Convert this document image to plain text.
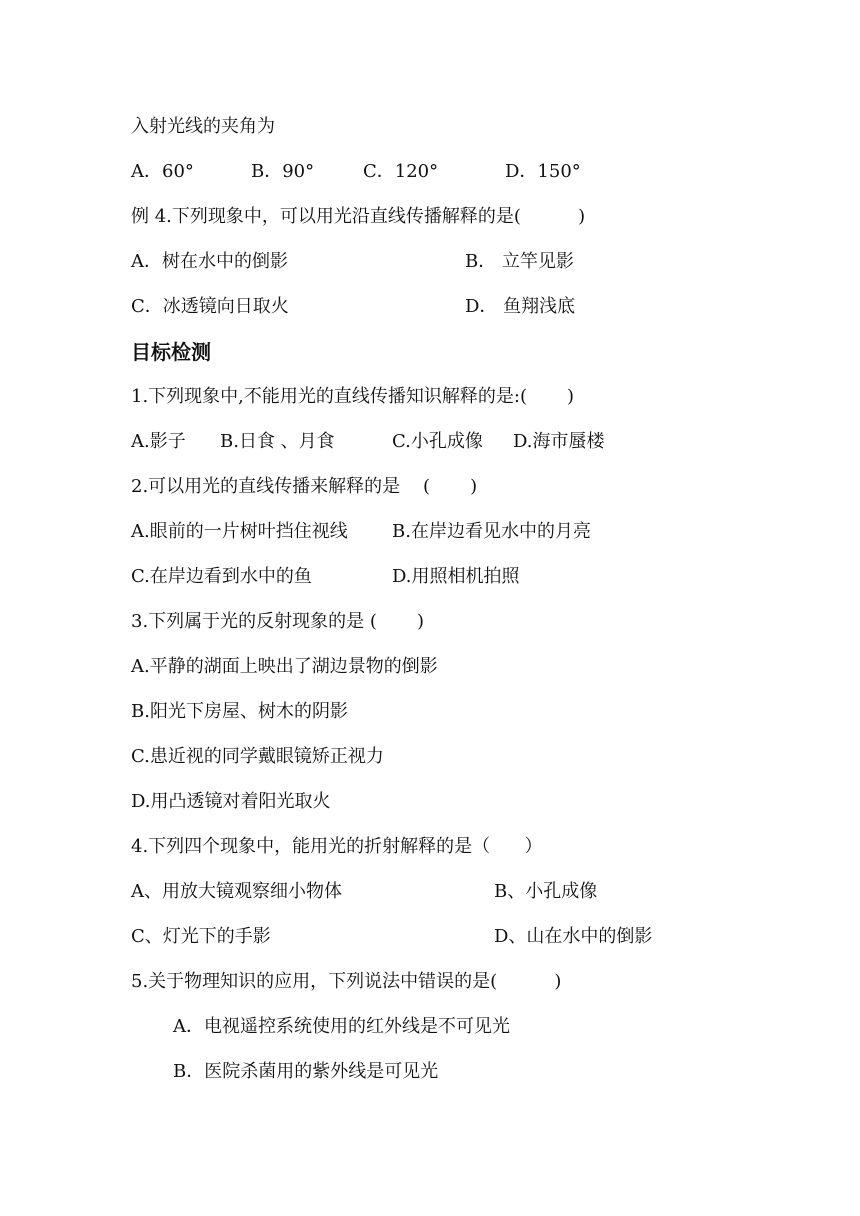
入射光线的夹角为
A．60°	B．90°	C．120°	D．150°
例 4.下列现象中，可以用光沿直线传播解释的是(          )
A．树在水中的倒影	B． 立竿见影
C．冰透镜向日取火	D． 鱼翔浅底
目标检测
1.下列现象中,不能用光的直线传播知识解释的是:(       )
A.影子 B.日食 、月食	C.小孔成像 D.海市蜃楼
2.可以用光的直线传播来解释的是    (       )
A.眼前的一片树叶挡住视线 B.在岸边看见水中的月亮
C.在岸边看到水中的鱼	D.用照相机拍照
3.下列属于光的反射现象的是 (       )
A.平静的湖面上映出了湖边景物的倒影
B.阳光下房屋、树木的阴影
C.患近视的同学戴眼镜矫正视力
D.用凸透镜对着阳光取火
4.下列四个现象中，能用光的折射解释的是（      ）
A、用放大镜观察细小物体	B、小孔成像
C、灯光下的手影	D、山在水中的倒影
5.关于物理知识的应用，下列说法中错误的是(          )
A．电视遥控系统使用的红外线是不可见光
B．医院杀菌用的紫外线是可见光
